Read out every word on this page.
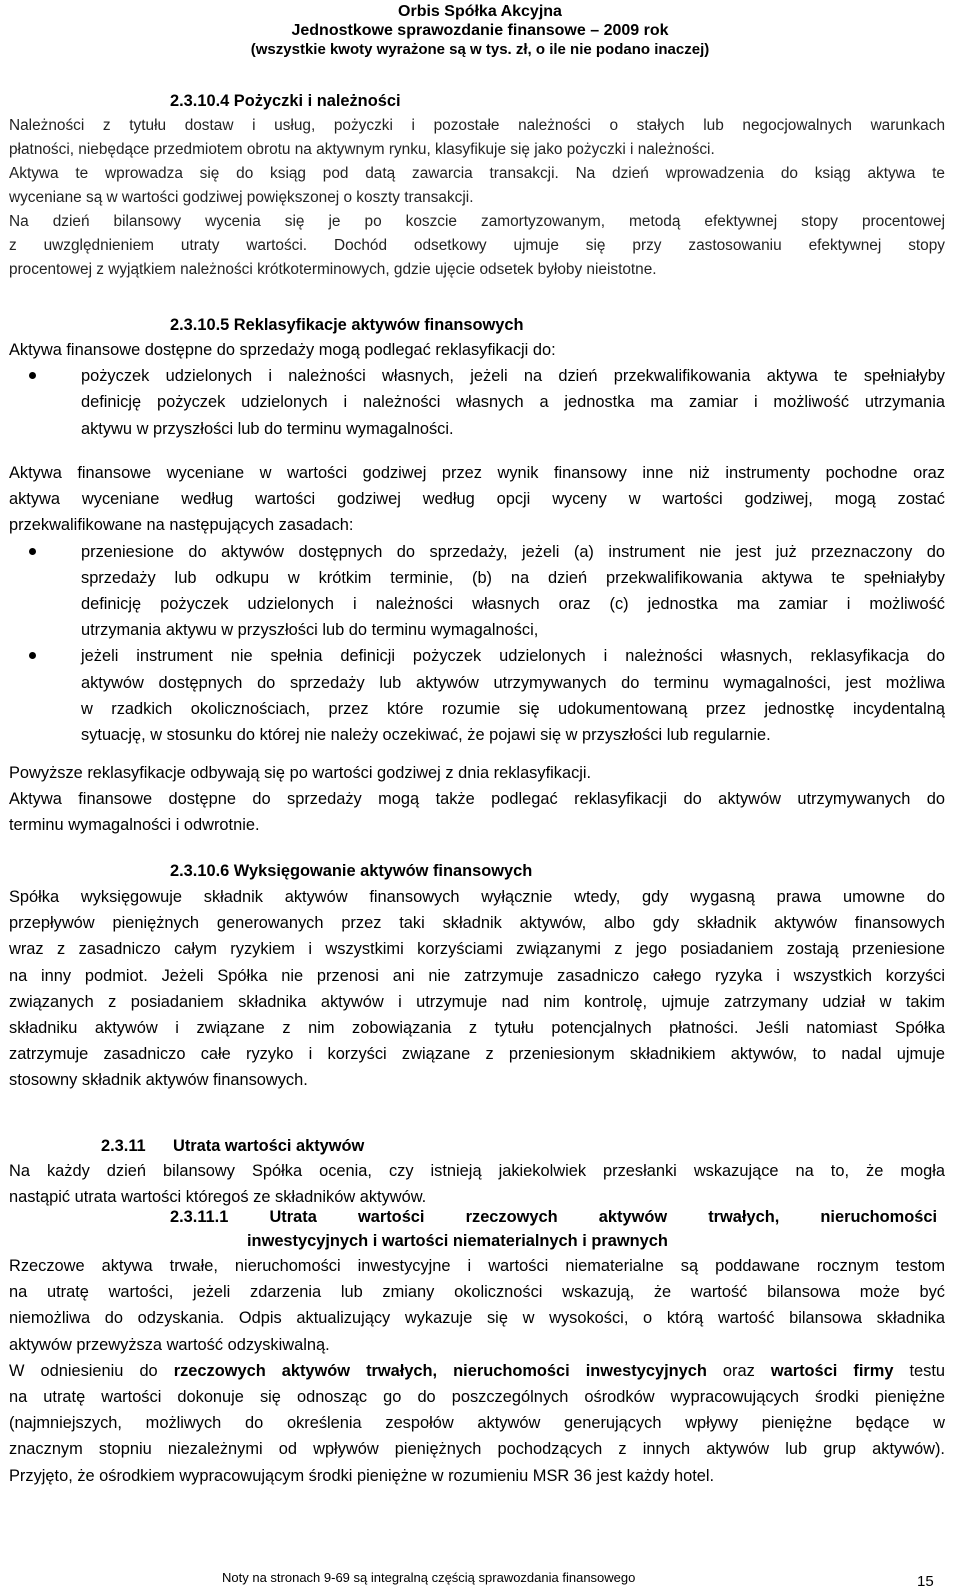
Orbis Spółka Akcyjna
Jednostkowe sprawozdanie finansowe – 2009 rok
(wszystkie kwoty wyrażone są w tys. zł, o ile nie podano inaczej)
2.3.10.4 Pożyczki i należności
Należności z tytułu dostaw i usług, pożyczki i pozostałe należności o stałych lub negocjowalnych warunkach
płatności, niebędące przedmiotem obrotu na aktywnym rynku, klasyfikuje się jako pożyczki i należności.
Aktywa te wprowadza się do ksiąg pod datą zawarcia transakcji. Na dzień wprowadzenia do ksiąg aktywa te
wyceniane są w wartości godziwej powiększonej o koszty transakcji.
Na dzień bilansowy wycenia się je po koszcie zamortyzowanym, metodą efektywnej stopy procentowej
z uwzględnieniem utraty wartości. Dochód odsetkowy ujmuje się przy zastosowaniu efektywnej stopy
procentowej z wyjątkiem należności krótkoterminowych, gdzie ujęcie odsetek byłoby nieistotne.
2.3.10.5 Reklasyfikacje aktywów finansowych
Aktywa finansowe dostępne do sprzedaży mogą podlegać reklasyfikacji do:
pożyczek udzielonych i należności własnych, jeżeli na dzień przekwalifikowania aktywa te spełniałyby
definicję pożyczek udzielonych i należności własnych a jednostka ma zamiar i możliwość utrzymania
aktywu w przyszłości lub do terminu wymagalności.
Aktywa finansowe wyceniane w wartości godziwej przez wynik finansowy inne niż instrumenty pochodne oraz
aktywa wyceniane według wartości godziwej według opcji wyceny w wartości godziwej, mogą zostać
przekwalifikowane na następujących zasadach:
przeniesione do aktywów dostępnych do sprzedaży, jeżeli (a) instrument nie jest już przeznaczony do
sprzedaży lub odkupu w krótkim terminie, (b) na dzień przekwalifikowania aktywa te spełniałyby
definicję pożyczek udzielonych i należności własnych oraz (c) jednostka ma zamiar i możliwość
utrzymania aktywu w przyszłości lub do terminu wymagalności,
jeżeli instrument nie spełnia definicji pożyczek udzielonych i należności własnych, reklasyfikacja do
aktywów dostępnych do sprzedaży lub aktywów utrzymywanych do terminu wymagalności, jest możliwa
w rzadkich okolicznościach, przez które rozumie się udokumentowaną przez jednostkę incydentalną
sytuację, w stosunku do której nie należy oczekiwać, że pojawi się w przyszłości lub regularnie.
Powyższe reklasyfikacje odbywają się po wartości godziwej z dnia reklasyfikacji.
Aktywa finansowe dostępne do sprzedaży mogą także podlegać reklasyfikacji do aktywów utrzymywanych do
terminu wymagalności i odwrotnie.
2.3.10.6 Wyksięgowanie aktywów finansowych
Spółka wyksięgowuje składnik aktywów finansowych wyłącznie wtedy, gdy wygasną prawa umowne do
przepływów pieniężnych generowanych przez taki składnik aktywów, albo gdy składnik aktywów finansowych
wraz z zasadniczo całym ryzykiem i wszystkimi korzyściami związanymi z jego posiadaniem zostają przeniesione
na inny podmiot. Jeżeli Spółka nie przenosi ani nie zatrzymuje zasadniczo całego ryzyka i wszystkich korzyści
związanych z posiadaniem składnika aktywów i utrzymuje nad nim kontrolę, ujmuje zatrzymany udział w takim
składniku aktywów i związane z nim zobowiązania z tytułu potencjalnych płatności. Jeśli natomiast Spółka
zatrzymuje zasadniczo całe ryzyko i korzyści związane z przeniesionym składnikiem aktywów, to nadal ujmuje
stosowny składnik aktywów finansowych.
2.3.11 Utrata wartości aktywów
Na każdy dzień bilansowy Spółka ocenia, czy istnieją jakiekolwiek przesłanki wskazujące na to, że mogła
nastąpić utrata wartości któregoś ze składników aktywów.
2.3.11.1 Utrata wartości rzeczowych aktywów trwałych, nieruchomości
inwestycyjnych i wartości niematerialnych i prawnych
Rzeczowe aktywa trwałe, nieruchomości inwestycyjne i wartości niematerialne są poddawane rocznym testom
na utratę wartości, jeżeli zdarzenia lub zmiany okoliczności wskazują, że wartość bilansowa może być
niemożliwa do odzyskania. Odpis aktualizujący wykazuje się w wysokości, o którą wartość bilansowa składnika
aktywów przewyższa wartość odzyskiwalną.
W odniesieniu do rzeczowych aktywów trwałych, nieruchomości inwestycyjnych oraz wartości firmy testu
na utratę wartości dokonuje się odnosząc go do poszczególnych ośrodków wypracowujących środki pieniężne
(najmniejszych, możliwych do określenia zespołów aktywów generujących wpływy pieniężne będące w
znacznym stopniu niezależnymi od wpływów pieniężnych pochodzących z innych aktywów lub grup aktywów).
Przyjęto, że ośrodkiem wypracowującym środki pieniężne w rozumieniu MSR 36 jest każdy hotel.
Noty na stronach 9-69 są integralną częścią sprawozdania finansowego	15
